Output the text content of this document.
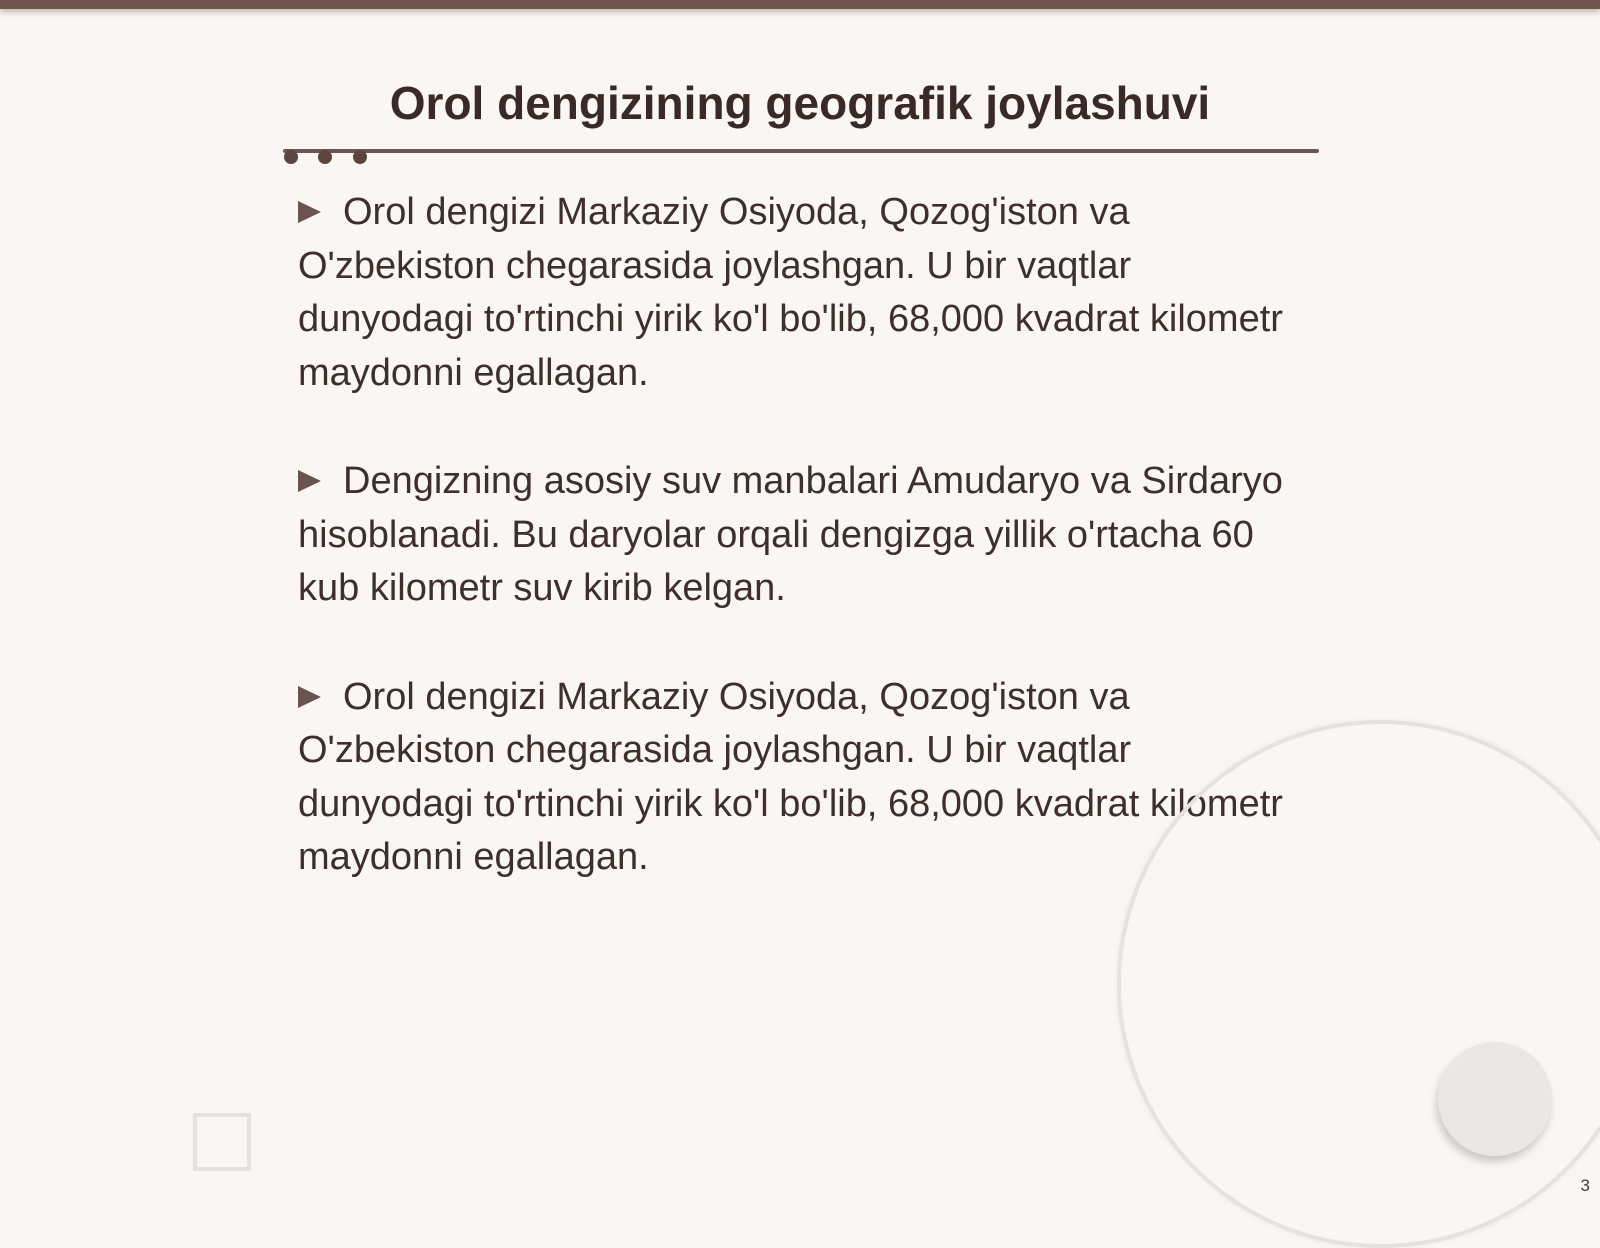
Orol dengizining geografik joylashuvi

Orol dengizi Markaziy Osiyoda, Qozog'iston va O'zbekiston chegarasida joylashgan. U bir vaqtlar dunyodagi to'rtinchi yirik ko'l bo'lib, 68,000 kvadrat kilometr maydonni egallagan.

Dengizning asosiy suv manbalari Amudaryo va Sirdaryo hisoblanadi. Bu daryolar orqali dengizga yillik o'rtacha 60 kub kilometr suv kirib kelgan.

Orol dengizi Markaziy Osiyoda, Qozog'iston va O'zbekiston chegarasida joylashgan. U bir vaqtlar dunyodagi to'rtinchi yirik ko'l bo'lib, 68,000 kvadrat kilometr maydonni egallagan.

3
